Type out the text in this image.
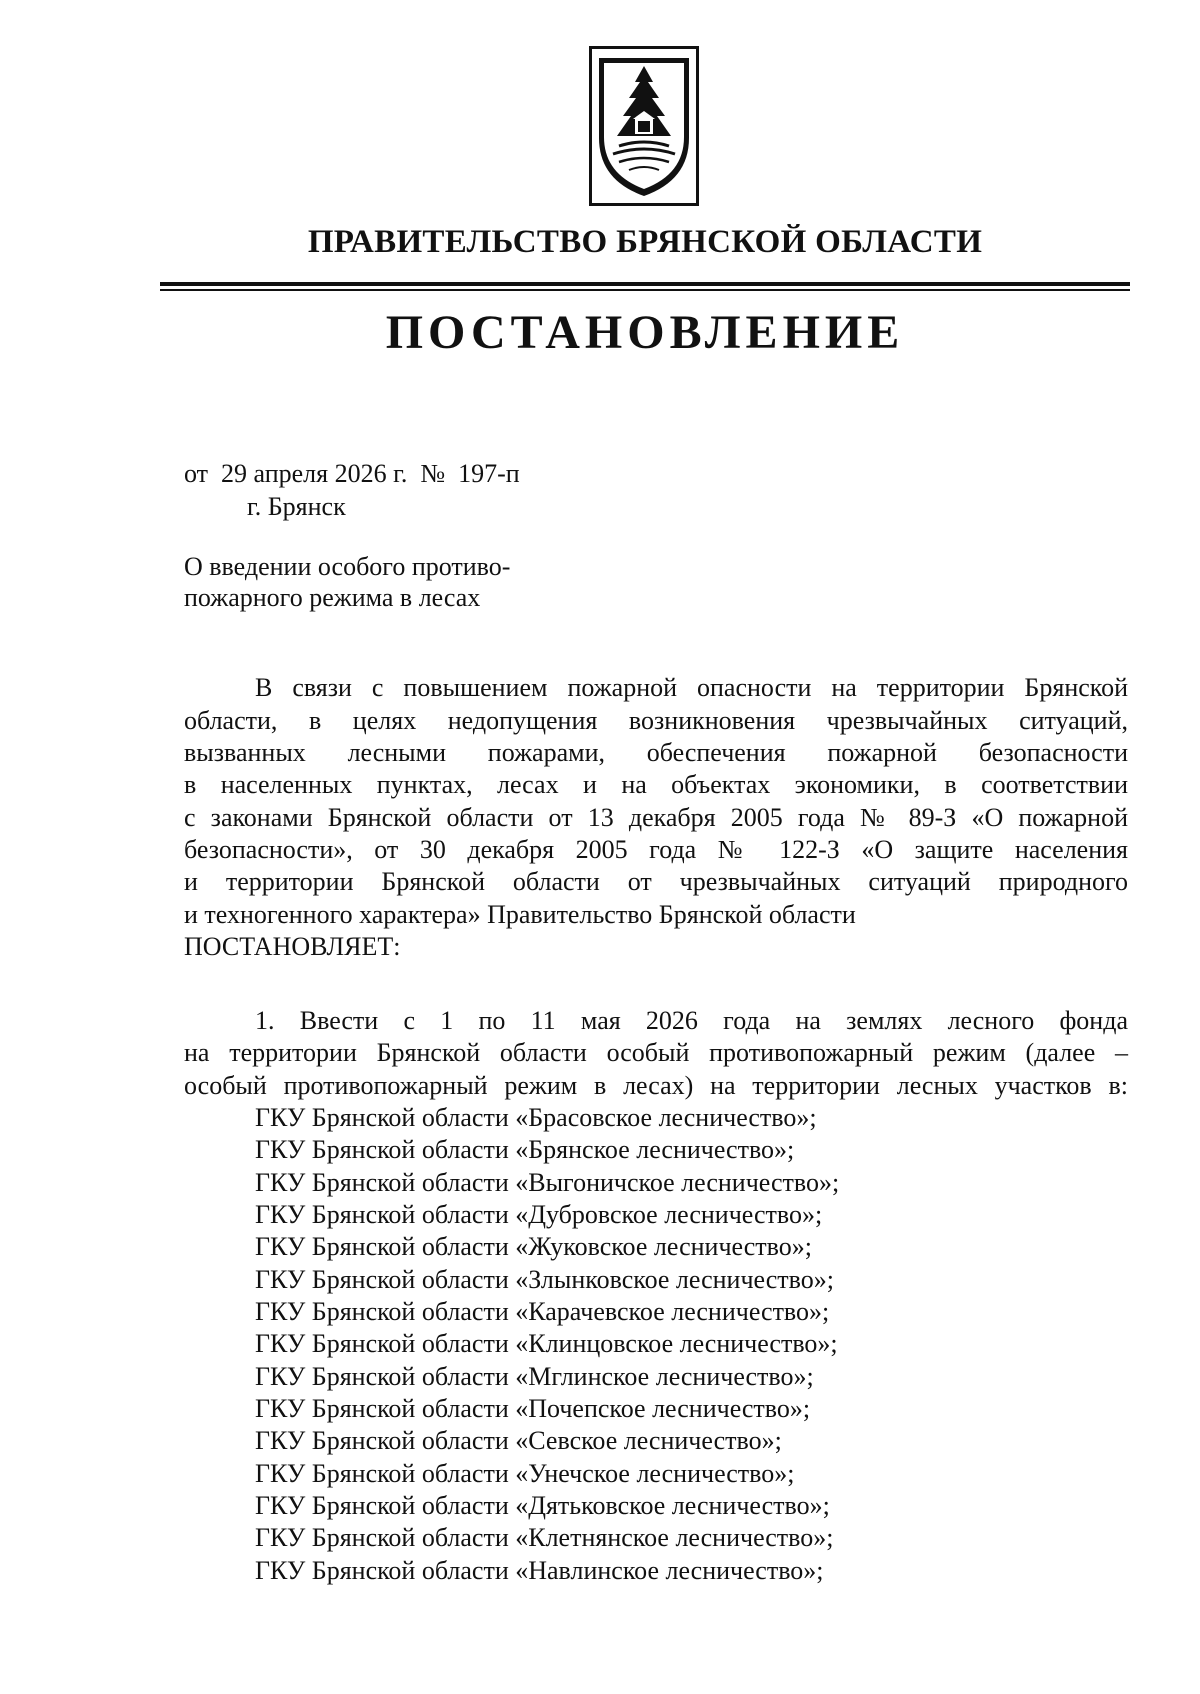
ПРАВИТЕЛЬСТВО БРЯНСКОЙ ОБЛАСТИ
ПОСТАНОВЛЕНИЕ
от  29 апреля 2026 г.  №  197-п
г. Брянск
О введении особого противо-
пожарного режима в лесах
В связи с повышением пожарной опасности на территории Брянской
области, в целях недопущения возникновения чрезвычайных ситуаций,
вызванных лесными пожарами, обеспечения пожарной безопасности
в населенных пунктах, лесах и на объектах экономики, в соответствии
с законами Брянской области от 13 декабря 2005 года № 89-З «О пожарной
безопасности», от 30 декабря 2005 года № 122-З «О защите населения
и территории Брянской области от чрезвычайных ситуаций природного
и техногенного характера» Правительство Брянской области
ПОСТАНОВЛЯЕТ:
1. Ввести с 1 по 11 мая 2026 года на землях лесного фонда
на территории Брянской области особый противопожарный режим (далее –
особый противопожарный режим в лесах) на территории лесных участков в:
ГКУ Брянской области «Брасовское лесничество»;
ГКУ Брянской области «Брянское лесничество»;
ГКУ Брянской области «Выгоничское лесничество»;
ГКУ Брянской области «Дубровское лесничество»;
ГКУ Брянской области «Жуковское лесничество»;
ГКУ Брянской области «Злынковское лесничество»;
ГКУ Брянской области «Карачевское лесничество»;
ГКУ Брянской области «Клинцовское лесничество»;
ГКУ Брянской области «Мглинское лесничество»;
ГКУ Брянской области «Почепское лесничество»;
ГКУ Брянской области «Севское лесничество»;
ГКУ Брянской области «Унечское лесничество»;
ГКУ Брянской области «Дятьковское лесничество»;
ГКУ Брянской области «Клетнянское лесничество»;
ГКУ Брянской области «Навлинское лесничество»;
